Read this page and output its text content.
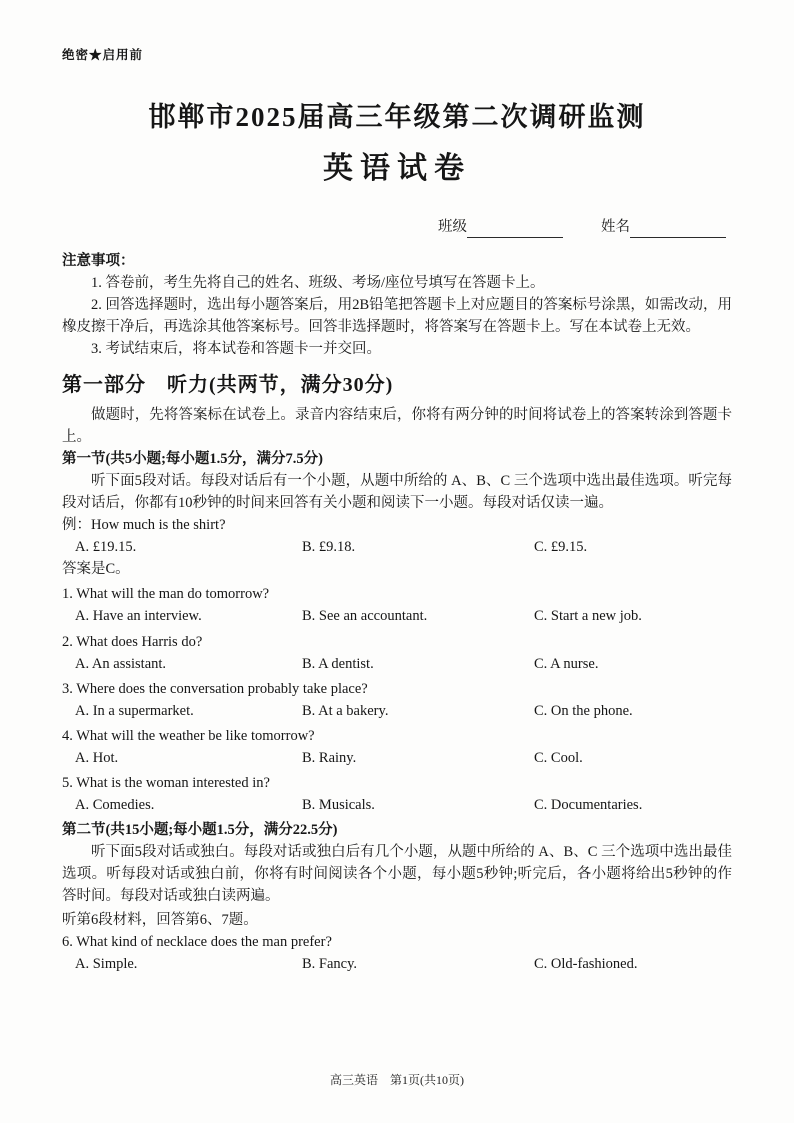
绝密★启用前
邯郸市2025届高三年级第二次调研监测
英语试卷
班级	姓名
注意事项：

1. 答卷前，考生先将自己的姓名、班级、考场/座位号填写在答题卡上。

2. 回答选择题时，选出每小题答案后，用2B铅笔把答题卡上对应题目的答案标号涂黑，如需改动，用橡皮擦干净后，再选涂其他答案标号。回答非选择题时，将答案写在答题卡上。写在本试卷上无效。

3. 考试结束后，将本试卷和答题卡一并交回。

第一部分　听力(共两节，满分30分)

做题时，先将答案标在试卷上。录音内容结束后，你将有两分钟的时间将试卷上的答案转涂到答题卡上。

第一节(共5小题;每小题1.5分，满分7.5分)

听下面5段对话。每段对话后有一个小题，从题中所给的 A、B、C 三个选项中选出最佳选项。听完每段对话后，你都有10秒钟的时间来回答有关小题和阅读下一小题。每段对话仅读一遍。

例：How much is the shirt?
A. £19.15.	B. £9.18.	C. £9.15.
答案是C。
1. What will the man do tomorrow?
A. Have an interview.	B. See an accountant.	C. Start a new job.
2. What does Harris do?
A. An assistant.	B. A dentist.	C. A nurse.
3. Where does the conversation probably take place?
A. In a supermarket.	B. At a bakery.	C. On the phone.
4. What will the weather be like tomorrow?
A. Hot.	B. Rainy.	C. Cool.
5. What is the woman interested in?
A. Comedies.	B. Musicals.	C. Documentaries.
第二节(共15小题;每小题1.5分，满分22.5分)

听下面5段对话或独白。每段对话或独白后有几个小题，从题中所给的 A、B、C 三个选项中选出最佳选项。听每段对话或独白前，你将有时间阅读各个小题，每小题5秒钟;听完后，各小题将给出5秒钟的作答时间。每段对话或独白读两遍。

听第6段材料，回答第6、7题。
6. What kind of necklace does the man prefer?
A. Simple.	B. Fancy.	C. Old-fashioned.
高三英语　第1页(共10页)
